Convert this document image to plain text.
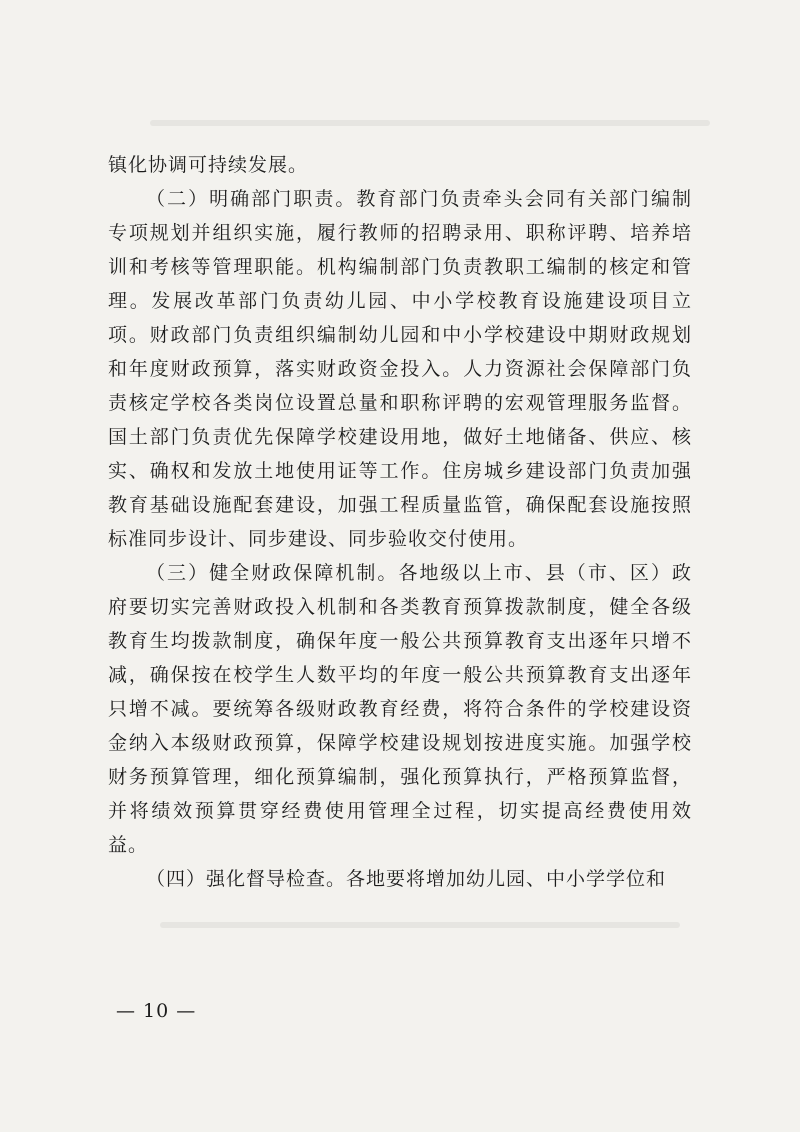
镇化协调可持续发展。
（二）明确部门职责。教育部门负责牵头会同有关部门编制
专项规划并组织实施，履行教师的招聘录用、职称评聘、培养培
训和考核等管理职能。机构编制部门负责教职工编制的核定和管
理。发展改革部门负责幼儿园、中小学校教育设施建设项目立
项。财政部门负责组织编制幼儿园和中小学校建设中期财政规划
和年度财政预算，落实财政资金投入。人力资源社会保障部门负
责核定学校各类岗位设置总量和职称评聘的宏观管理服务监督。
国土部门负责优先保障学校建设用地，做好土地储备、供应、核
实、确权和发放土地使用证等工作。住房城乡建设部门负责加强
教育基础设施配套建设，加强工程质量监管，确保配套设施按照
标准同步设计、同步建设、同步验收交付使用。
（三）健全财政保障机制。各地级以上市、县（市、区）政
府要切实完善财政投入机制和各类教育预算拨款制度，健全各级
教育生均拨款制度，确保年度一般公共预算教育支出逐年只增不
减，确保按在校学生人数平均的年度一般公共预算教育支出逐年
只增不减。要统筹各级财政教育经费，将符合条件的学校建设资
金纳入本级财政预算，保障学校建设规划按进度实施。加强学校
财务预算管理，细化预算编制，强化预算执行，严格预算监督，
并将绩效预算贯穿经费使用管理全过程，切实提高经费使用效
益。
（四）强化督导检查。各地要将增加幼儿园、中小学学位和
— 10 —
